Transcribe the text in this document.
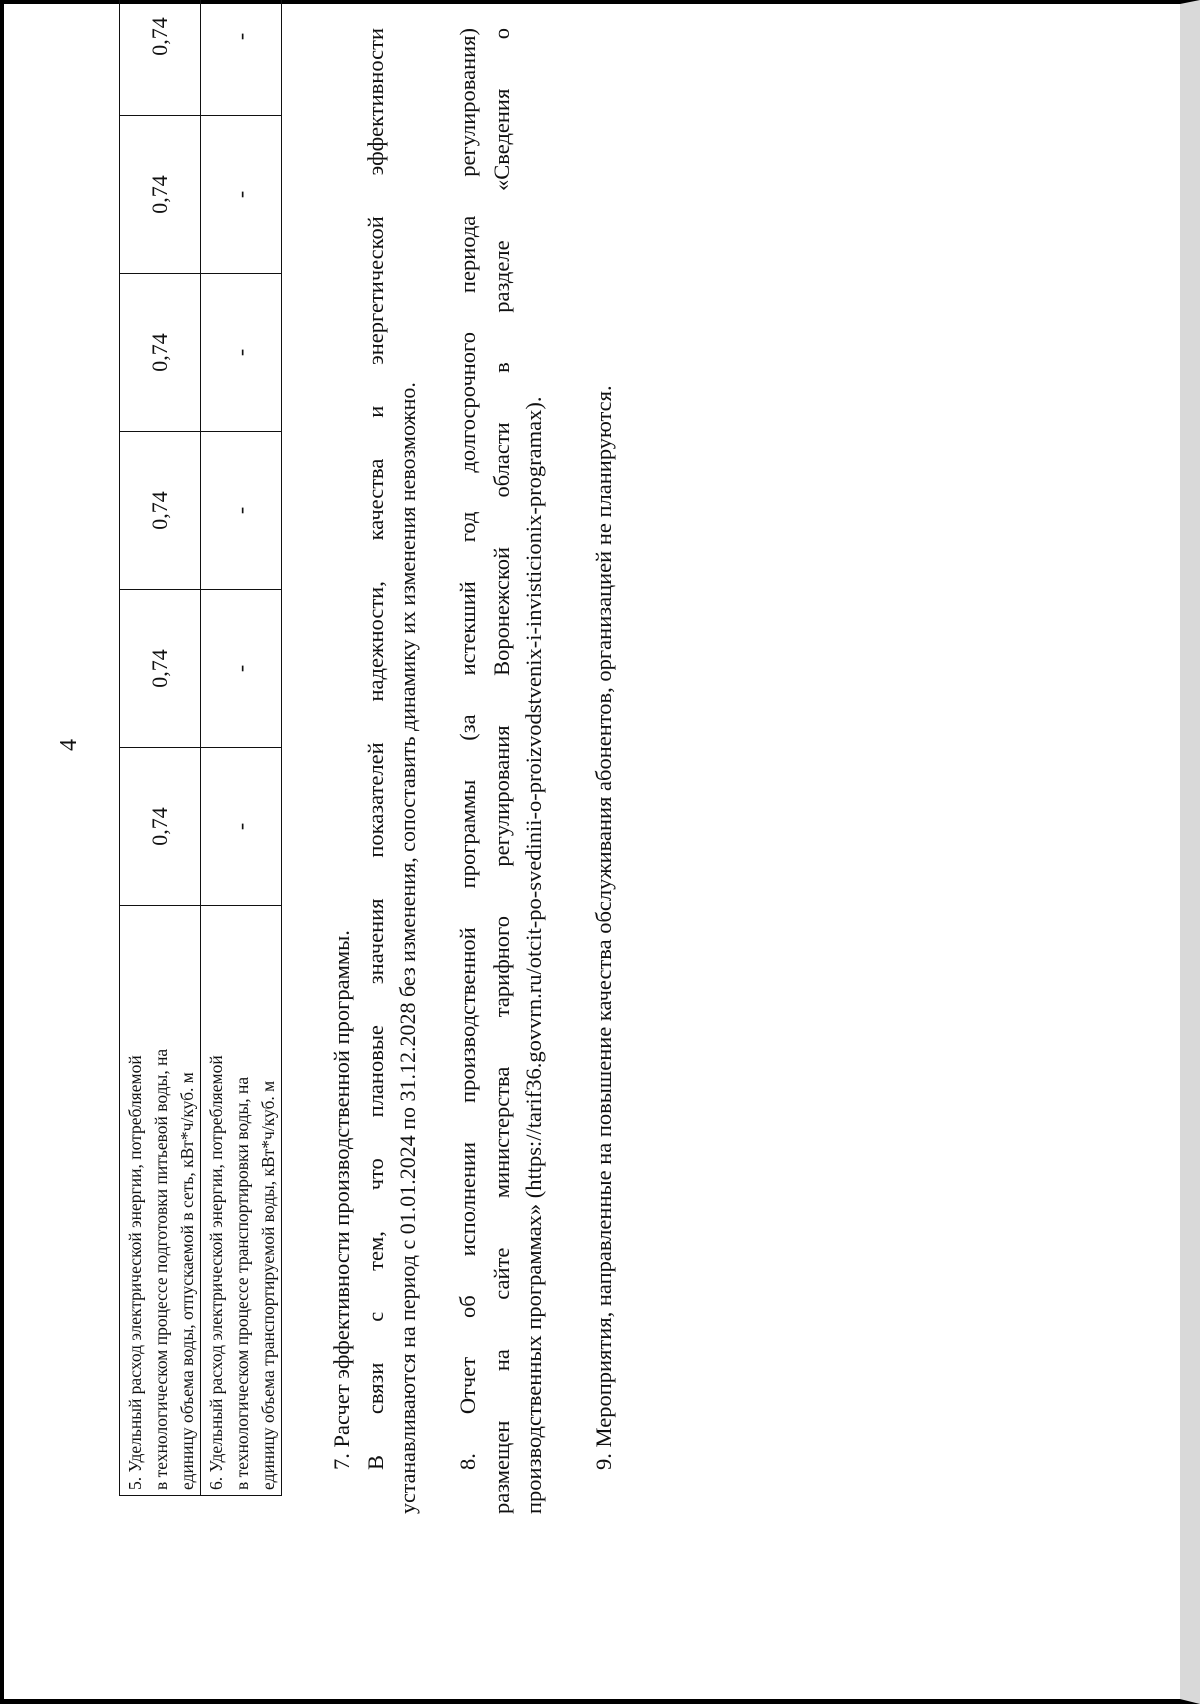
4
5. Удельный расход электрической энергии, потребляемой в технологическом процессе подготовки питьевой воды, на единицу объема воды, отпускаемой в сеть, кВт*ч/куб. м	0,74	0,74	0,74	0,74	0,74	0,74

6. Удельный расход электрической энергии, потребляемой в технологическом процессе транспортировки воды, на единицу объема транспортируемой воды, кВт*ч/куб. м	-	-	-	-	-	-

7. Расчет эффективности производственной программы. В связи с тем, что плановые значения показателей надежности, качества и энергетической эффективности устанавливаются на период с 01.01.2024 по 31.12.2028 без изменения, сопоставить динамику их изменения невозможно. 8. Отчет об исполнении производственной программы (за истекший год долгосрочного периода регулирования) размещен на сайте министерства тарифного регулирования Воронежской области в разделе «Сведения о производственных программах» (https://tarif36.govvrn.ru/otcit-po-svedinii-o-proizvodstvenix-i-invisticionix-programax). 9. Мероприятия, направленные на повышение качества обслуживания абонентов, организацией не планируются.
